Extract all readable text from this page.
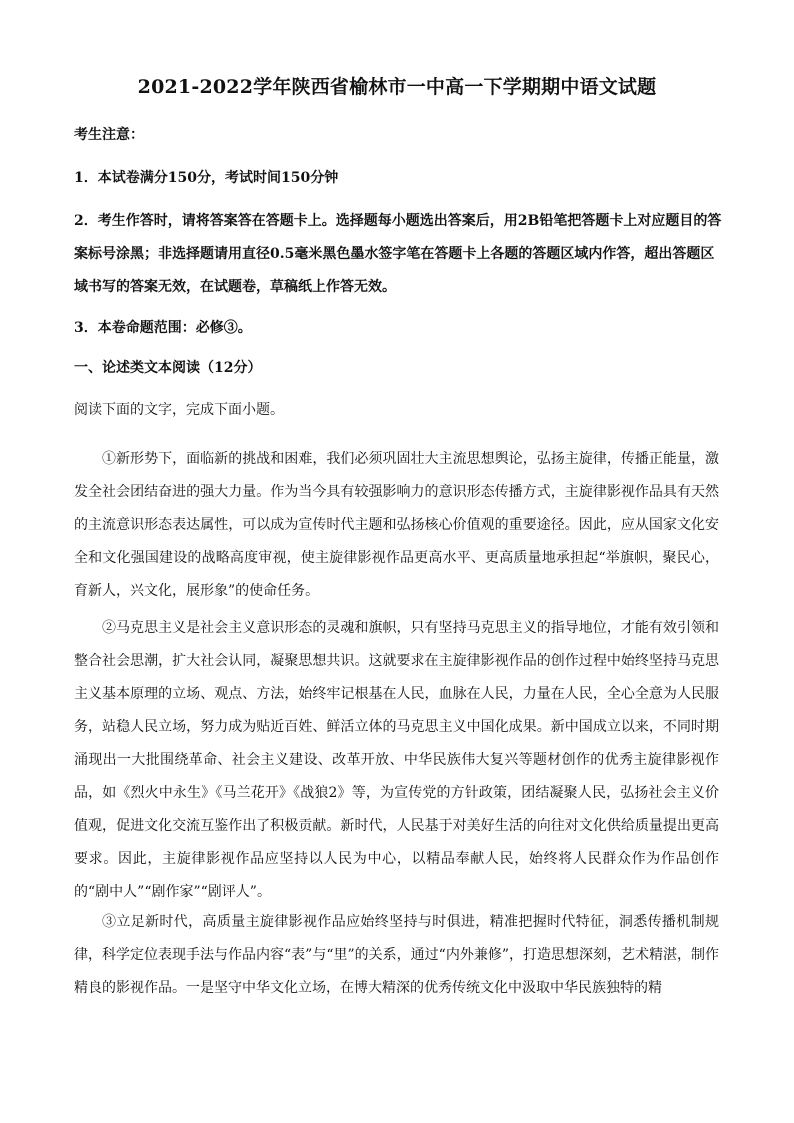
2021-2022学年陕西省榆林市一中高一下学期期中语文试题
考生注意：
1．本试卷满分150分，考试时间150分钟
2．考生作答时，请将答案答在答题卡上。选择题每小题选出答案后，用2B铅笔把答题卡上对应题目的答案标号涂黑；非选择题请用直径0.5毫米黑色墨水签字笔在答题卡上各题的答题区域内作答，超出答题区域书写的答案无效，在试题卷，草稿纸上作答无效。
3．本卷命题范围：必修③。
一、论述类文本阅读（12分）
阅读下面的文字，完成下面小题。

①新形势下，面临新的挑战和困难，我们必须巩固壮大主流思想舆论，弘扬主旋律，传播正能量，激发全社会团结奋进的强大力量。作为当今具有较强影响力的意识形态传播方式，主旋律影视作品具有天然的主流意识形态表达属性，可以成为宣传时代主题和弘扬核心价值观的重要途径。因此，应从国家文化安全和文化强国建设的战略高度审视，使主旋律影视作品更高水平、更高质量地承担起“举旗帜，聚民心，育新人，兴文化，展形象”的使命任务。

②马克思主义是社会主义意识形态的灵魂和旗帜，只有坚持马克思主义的指导地位，才能有效引领和整合社会思潮，扩大社会认同，凝聚思想共识。这就要求在主旋律影视作品的创作过程中始终坚持马克思主义基本原理的立场、观点、方法，始终牢记根基在人民，血脉在人民，力量在人民，全心全意为人民服务，站稳人民立场，努力成为贴近百姓、鲜活立体的马克思主义中国化成果。新中国成立以来，不同时期涌现出一大批围绕革命、社会主义建设、改革开放、中华民族伟大复兴等题材创作的优秀主旋律影视作品，如《烈火中永生》《马兰花开》《战狼2》等，为宣传党的方针政策，团结凝聚人民，弘扬社会主义价值观，促进文化交流互鉴作出了积极贡献。新时代，人民基于对美好生活的向往对文化供给质量提出更高要求。因此，主旋律影视作品应坚持以人民为中心，以精品奉献人民，始终将人民群众作为作品创作的“剧中人”“剧作家”“剧评人”。

③立足新时代，高质量主旋律影视作品应始终坚持与时俱进，精准把握时代特征，洞悉传播机制规律，科学定位表现手法与作品内容“表”与“里”的关系，通过“内外兼修”，打造思想深刻，艺术精湛，制作精良的影视作品。一是坚守中华文化立场，在博大精深的优秀传统文化中汲取中华民族独特的精
